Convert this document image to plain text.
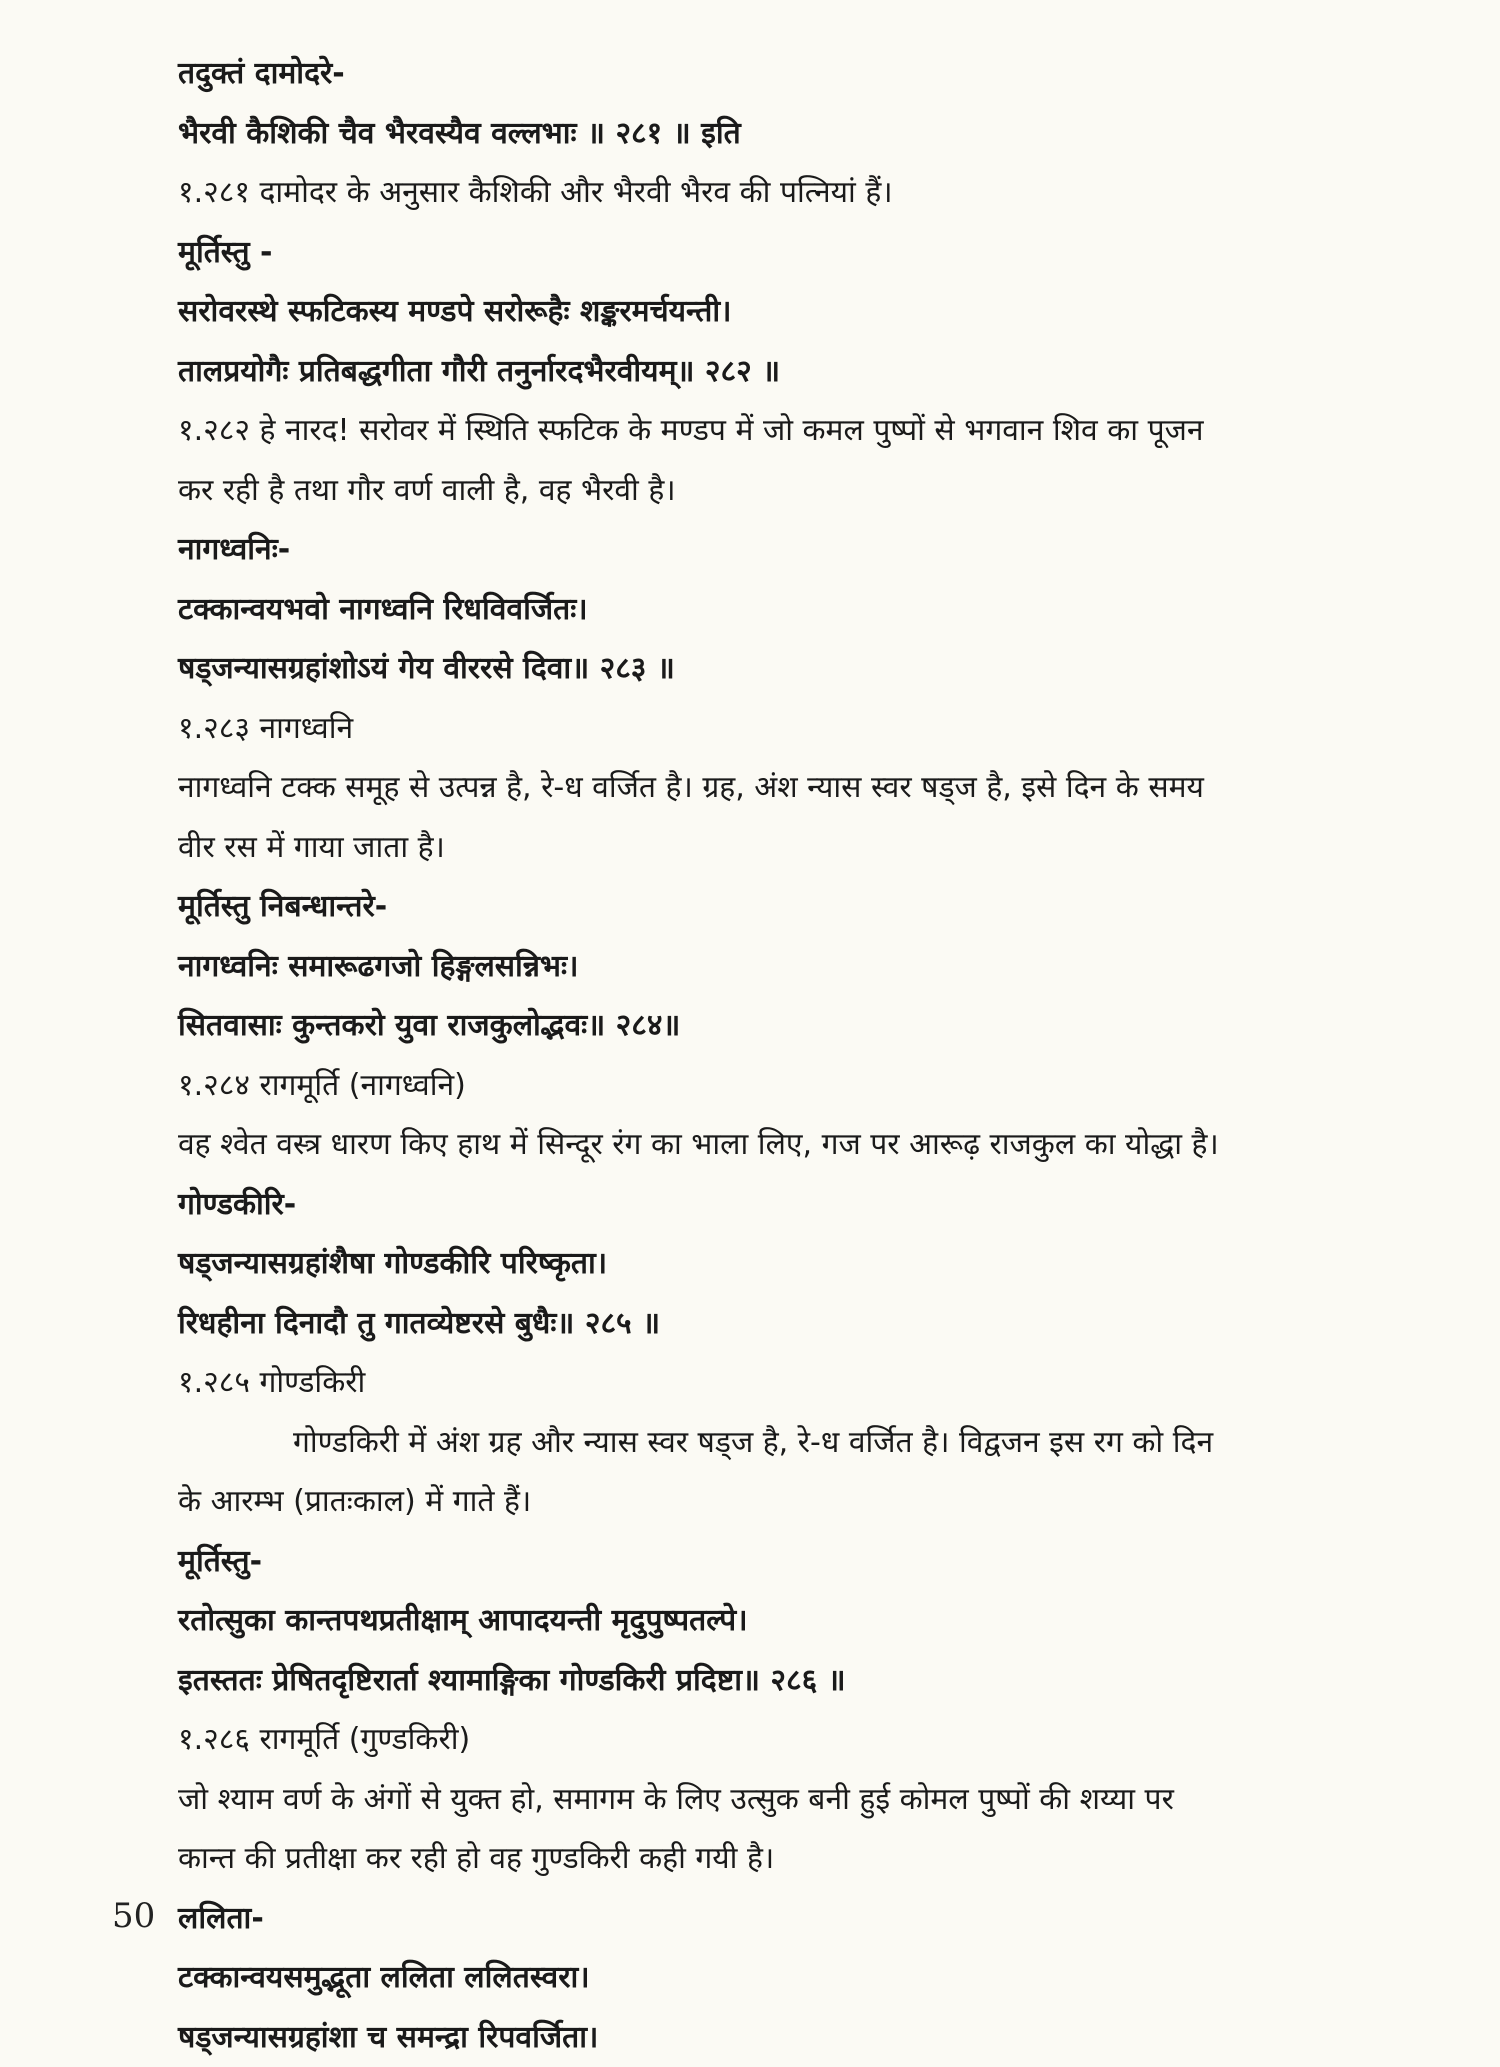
तदुक्तं दामोदरे-

भैरवी कैशिकी चैव भैरवस्यैव वल्लभाः ॥ २८१ ॥ इति

१.२८१ दामोदर के अनुसार कैशिकी और भैरवी भैरव की पत्नियां हैं।

मूर्तिस्तु -

सरोवरस्थे स्फटिकस्य मण्डपे सरोरूहैः शङ्करमर्चयन्ती।

तालप्रयोगैः प्रतिबद्धगीता गौरी तनुर्नारदभैरवीयम्॥ २८२ ॥

१.२८२ हे नारद! सरोवर में स्थिति स्फटिक के मण्डप में जो कमल पुष्पों से भगवान शिव का पूजन

कर रही है तथा गौर वर्ण वाली है, वह भैरवी है।

नागध्वनिः-

टक्कान्वयभवो नागध्वनि रिधविवर्जितः।

षड्जन्यासग्रहांशोऽयं गेय वीररसे दिवा॥ २८३ ॥

१.२८३ नागध्वनि

नागध्वनि टक्क समूह से उत्पन्न है, रे-ध वर्जित है। ग्रह, अंश न्यास स्वर षड्ज है, इसे दिन के समय

वीर रस में गाया जाता है।

मूर्तिस्तु निबन्धान्तरे-

नागध्वनिः समारूढगजो हिङ्गलसन्निभः।

सितवासाः कुन्तकरो युवा राजकुलोद्भवः॥ २८४॥

१.२८४ रागमूर्ति (नागध्वनि)

वह श्वेत वस्त्र धारण किए हाथ में सिन्दूर रंग का भाला लिए, गज पर आरूढ़ राजकुल का योद्धा है।

गोण्डकीरि-

षड्जन्यासग्रहांशैषा गोण्डकीरि परिष्कृता।

रिधहीना दिनादौ तु गातव्येष्टरसे बुधैः॥ २८५ ॥

१.२८५ गोण्डकिरी

गोण्डकिरी में अंश ग्रह और न्यास स्वर षड्ज है, रे-ध वर्जित है। विद्वजन इस रग को दिन

के आरम्भ (प्रातःकाल) में गाते हैं।

मूर्तिस्तु-

रतोत्सुका कान्तपथप्रतीक्षाम् आपादयन्ती मृदुपुष्पतल्पे।

इतस्ततः प्रेषितदृष्टिरार्ता श्यामाङ्गिका गोण्डकिरी प्रदिष्टा॥ २८६ ॥

१.२८६ रागमूर्ति (गुण्डकिरी)

जो श्याम वर्ण के अंगों से युक्त हो, समागम के लिए उत्सुक बनी हुई कोमल पुष्पों की शय्या पर

कान्त की प्रतीक्षा कर रही हो वह गुण्डकिरी कही गयी है।

ललिता-

टक्कान्वयसमुद्भूता ललिता ललितस्वरा।

षड्जन्यासग्रहांशा च समन्द्रा रिपवर्जिता।

50
